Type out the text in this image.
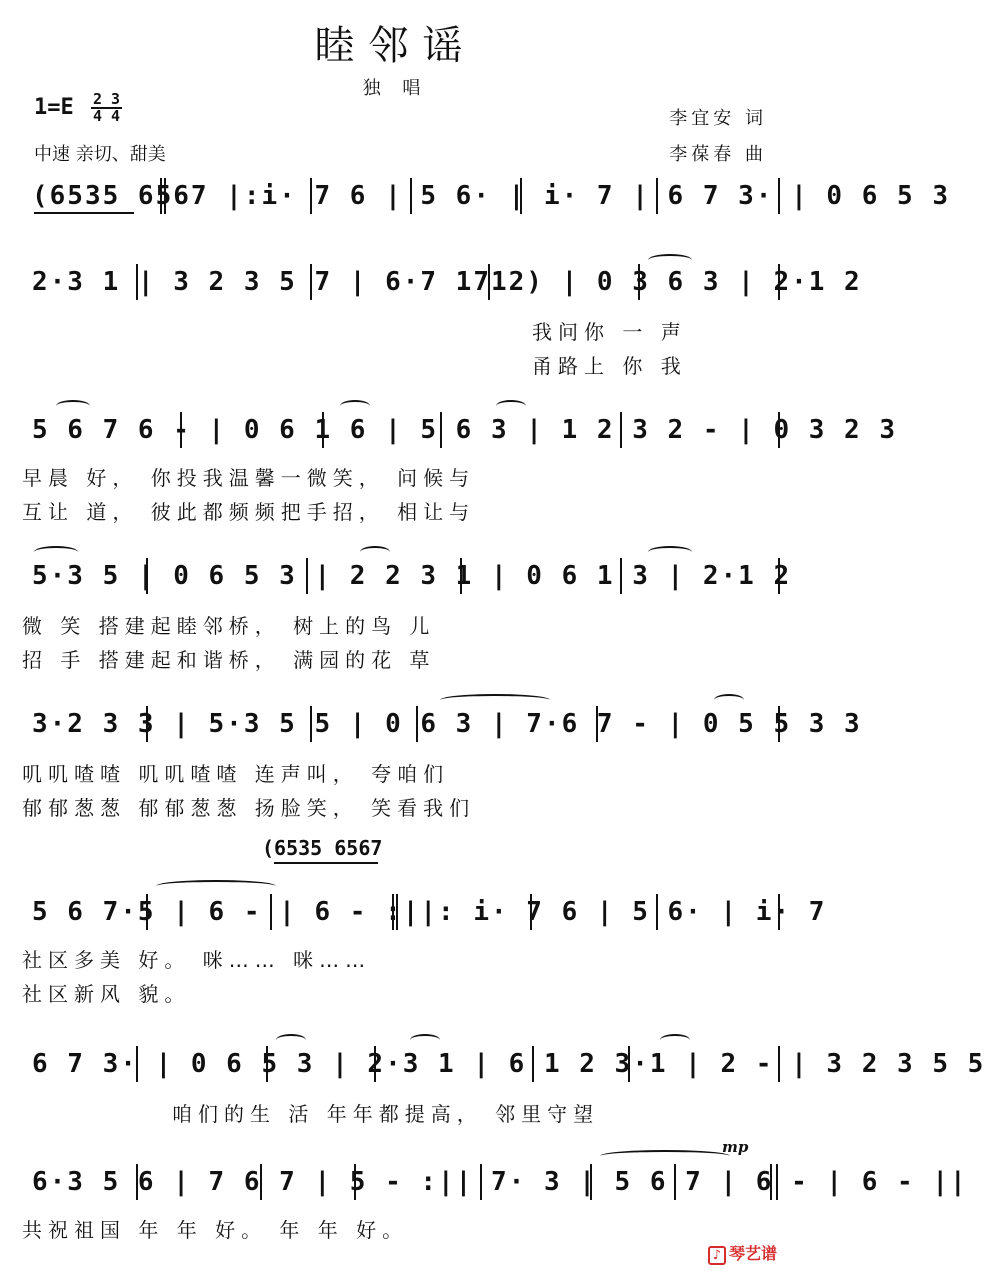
睦邻谣
独 唱
$1=E \frac{2 3}{4 4}$
中速 亲切、甜美
李宜安 词
李葆春 曲
(6535 6567 |:i· 7 6 | 5 6· | i· 7 | 6 7 3· | 0 6 5 3
2·3 1 | 3 2 3 5 7 | 6·7 1712) | 0 3 6 3 | 2·1 2
我问你 一 声
甬路上 你 我
5 6 7 6 - | 0 6 1 6 | 5 6 3 | 1 2 3 2 - | 0 3 2 3
早晨 好， 你投我温馨一微笑， 问候与
互让 道， 彼此都频频把手招， 相让与
5·3 5 | 0 6 5 3 | 2 2 3 1 | 0 6 1 3 | 2·1 2
微 笑 搭建起睦邻桥， 树上的鸟 儿
招 手 搭建起和谐桥， 满园的花 草
3·2 3 3 | 5·3 5 5 | 0 6 3 | 7·6 7 - | 0 5 5 3 3
叽叽喳喳 叽叽喳喳 连声叫， 夸咱们
郁郁葱葱 郁郁葱葱 扬脸笑， 笑看我们
(6535 6567
5 6 7·5 | 6 - | 6 - :||: i· 7 6 | 5 6· | i· 7
社区多美 好。 咪…… 咪……
社区新风 貌。
6 7 3· | 0 6 5 3 | 2·3 1 | 6 1 2 3·1 | 2 - | 3 2 3 5 5
咱们的生 活 年年都提高， 邻里守望
6·3 5 6 | 7 6 7 | 5 - :|| 7· 3 | 5 6 7 | 6 - | 6 - ||
mp
共祝祖国 年 年 好。 年 年 好。
♪ 琴艺谱
